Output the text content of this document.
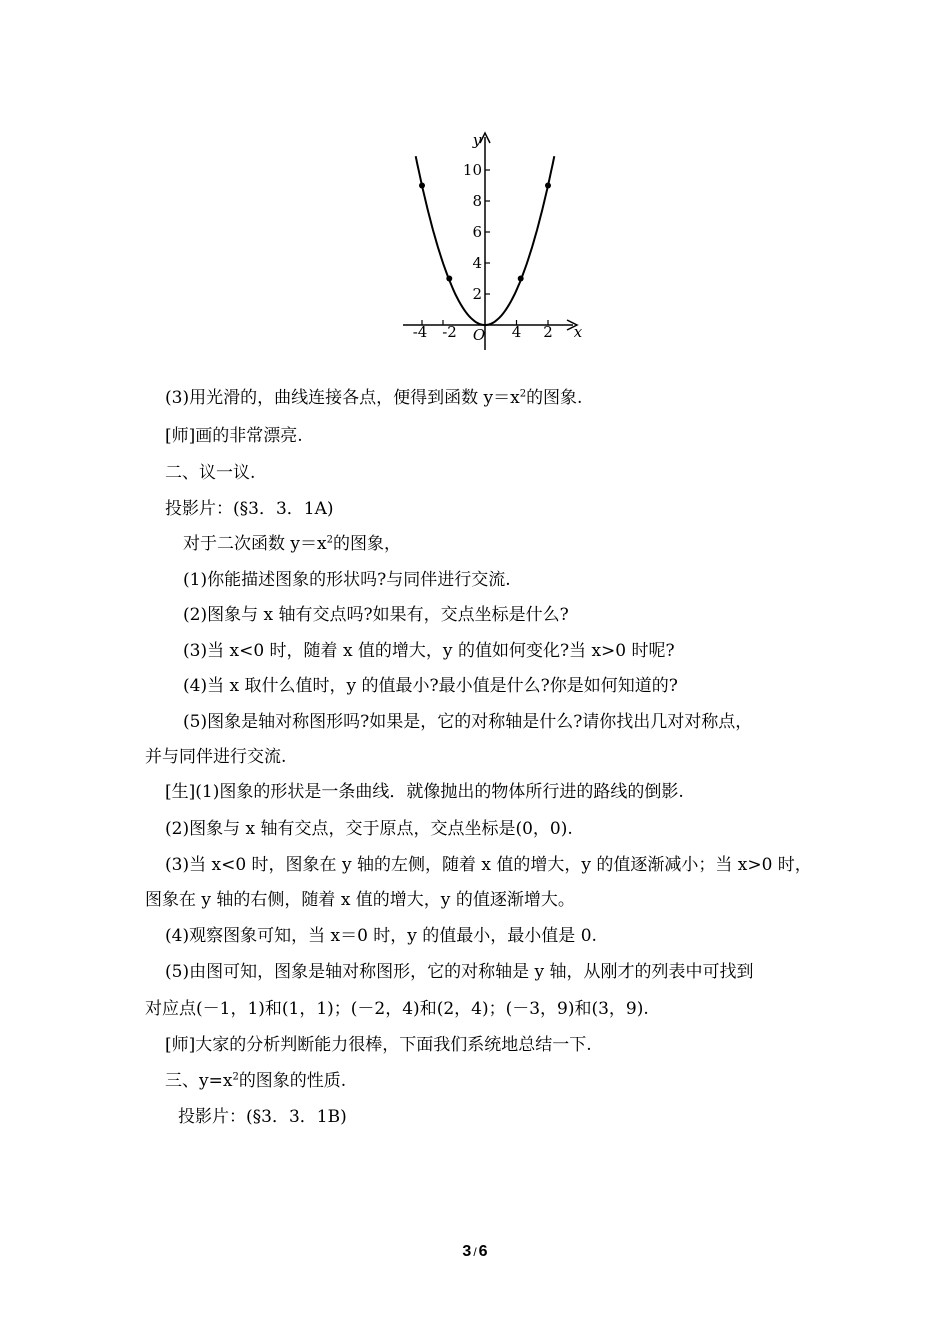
10
8
6
4
2
-4 -2	4 2
O	x
y
(3)用光滑的，曲线连接各点，便得到函数 $y=x^2$的图象.
[师]画的非常漂亮.
二、议一议.
投影片：(§3．3．1A)
对于二次函数 $y=x^2$的图象，
(1)你能描述图象的形状吗?与同伴进行交流.
(2)图象与 x 轴有交点吗?如果有，交点坐标是什么?
(3)当 x<0 时，随着 x 值的增大，y 的值如何变化?当 x>0 时呢?
(4)当 x 取什么值时，y 的值最小?最小值是什么?你是如何知道的?
(5)图象是轴对称图形吗?如果是，它的对称轴是什么?请你找出几对对称点，
并与同伴进行交流.
[生](1)图象的形状是一条曲线．就像抛出的物体所行进的路线的倒影.
(2)图象与 x 轴有交点，交于原点，交点坐标是(0，0).
(3)当 x<0 时，图象在 y 轴的左侧，随着 x 值的增大，y 的值逐渐减小；当 x>0 时，
图象在 y 轴的右侧，随着 x 值的增大，y 的值逐渐增大。
(4)观察图象可知，当 x＝0 时，y 的值最小，最小值是 0.
(5)由图可知，图象是轴对称图形，它的对称轴是 y 轴，从刚才的列表中可找到
对应点(－1，1)和(1，1)；(－2，4)和(2，4)；(－3，9)和(3，9).
[师]大家的分析判断能力很棒，下面我们系统地总结一下.
三、$y=x^2$的图象的性质.
投影片：(§3．3．1B)
3 / 6
